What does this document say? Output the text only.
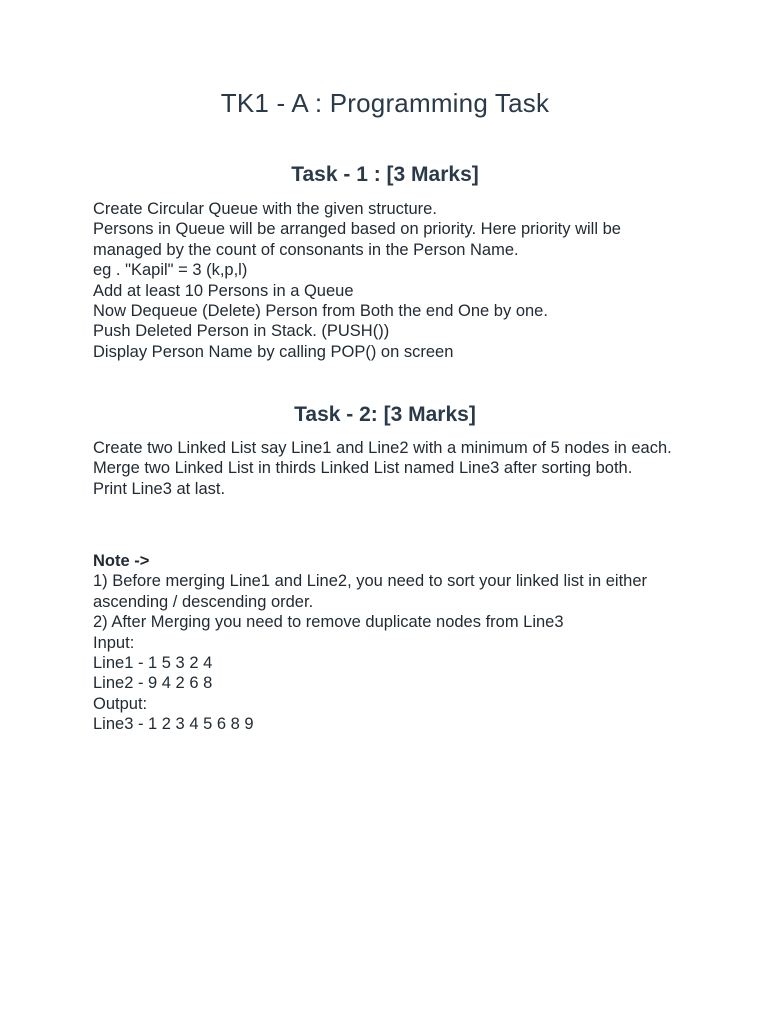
TK1 - A : Programming Task
Task - 1 : [3 Marks]
Create Circular Queue with the given structure.
Persons in Queue will be arranged based on priority. Here priority will be managed by the count of consonants in the Person Name.
eg . "Kapil" = 3 (k,p,l)
Add at least 10 Persons in a Queue
Now Dequeue (Delete) Person from Both the end One by one.
Push Deleted Person in Stack. (PUSH())
Display Person Name by calling POP() on screen
Task - 2: [3 Marks]
Create two Linked List say Line1 and Line2 with a minimum of 5 nodes in each.
Merge two Linked List in thirds Linked List named Line3 after sorting both.
Print Line3 at last.
Note ->
1) Before merging Line1 and Line2, you need to sort your linked list in either ascending / descending order.
2) After Merging you need to remove duplicate nodes from Line3
Input:
Line1 - 1 5 3 2 4
Line2 - 9 4 2 6 8
Output:
Line3 - 1 2 3 4 5 6 8 9
